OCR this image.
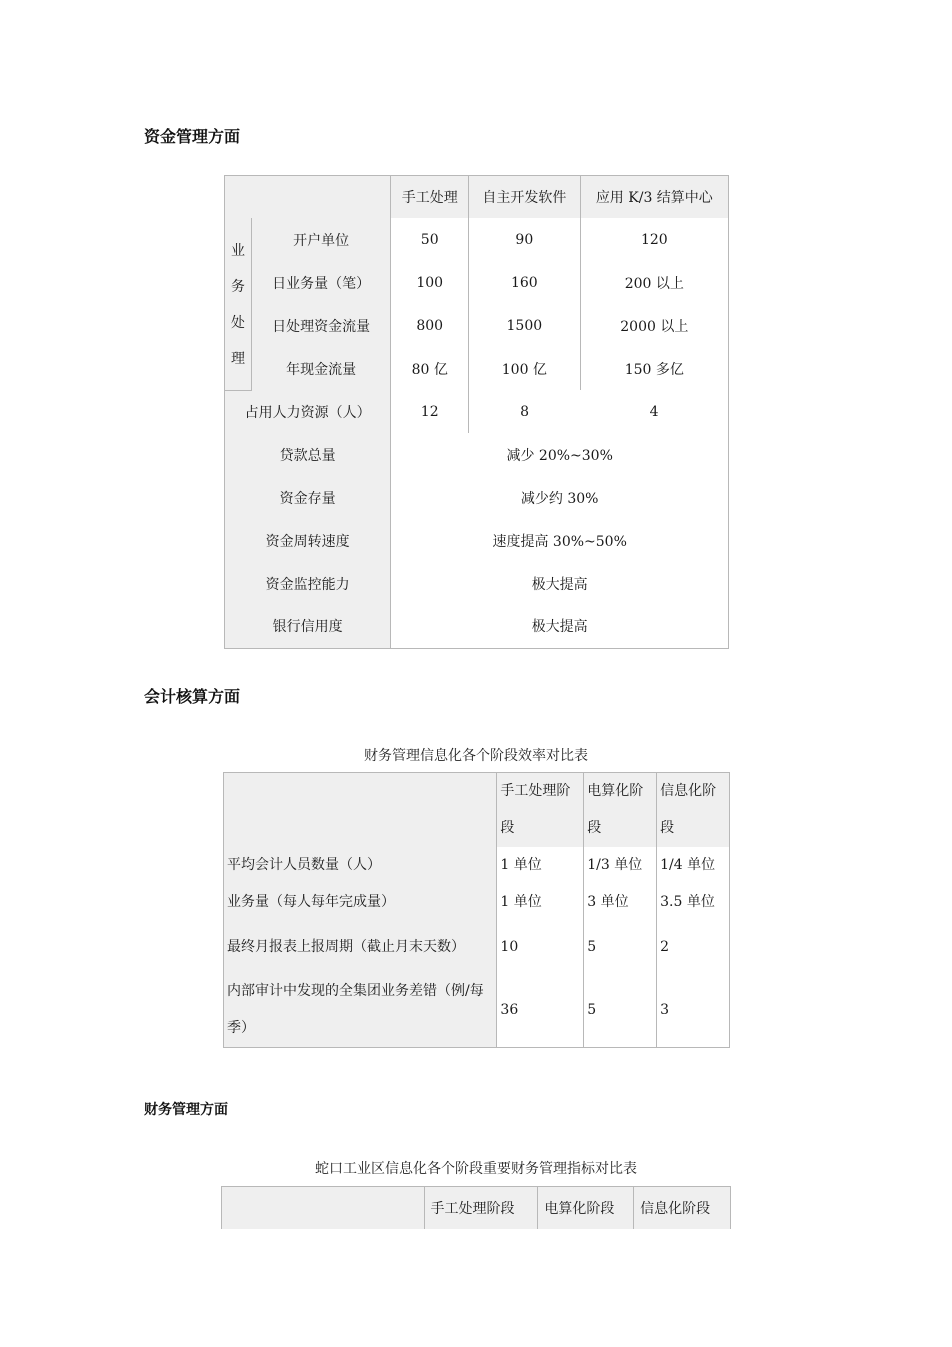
资金管理方面
		手工处理	自主开发软件	应用 K/3 结算中心

业
务
处
理	开户单位	50	90	120
	日业务量（笔）	100	160	200 以上
	日处理资金流量	800	1500	2000 以上
	年现金流量	80 亿	100 亿	150 多亿
占用人力资源（人）		12	8	4
贷款总量		减少 20%~30%		
资金存量		减少约 30%		
资金周转速度		速度提高 30%~50%		
资金监控能力		极大提高		
银行信用度		极大提高		
会计核算方面
财务管理信息化各个阶段效率对比表
	手工处理阶段	电算化阶段	信息化阶段
平均会计人员数量（人）	1 单位	1/3 单位	1/4 单位
业务量（每人每年完成量）	1 单位	3 单位	3.5 单位
最终月报表上报周期（截止月末天数）	10	5	2
内部审计中发现的全集团业务差错（例/每季）	36	5	3
财务管理方面
蛇口工业区信息化各个阶段重要财务管理指标对比表
	手工处理阶段	电算化阶段	信息化阶段
